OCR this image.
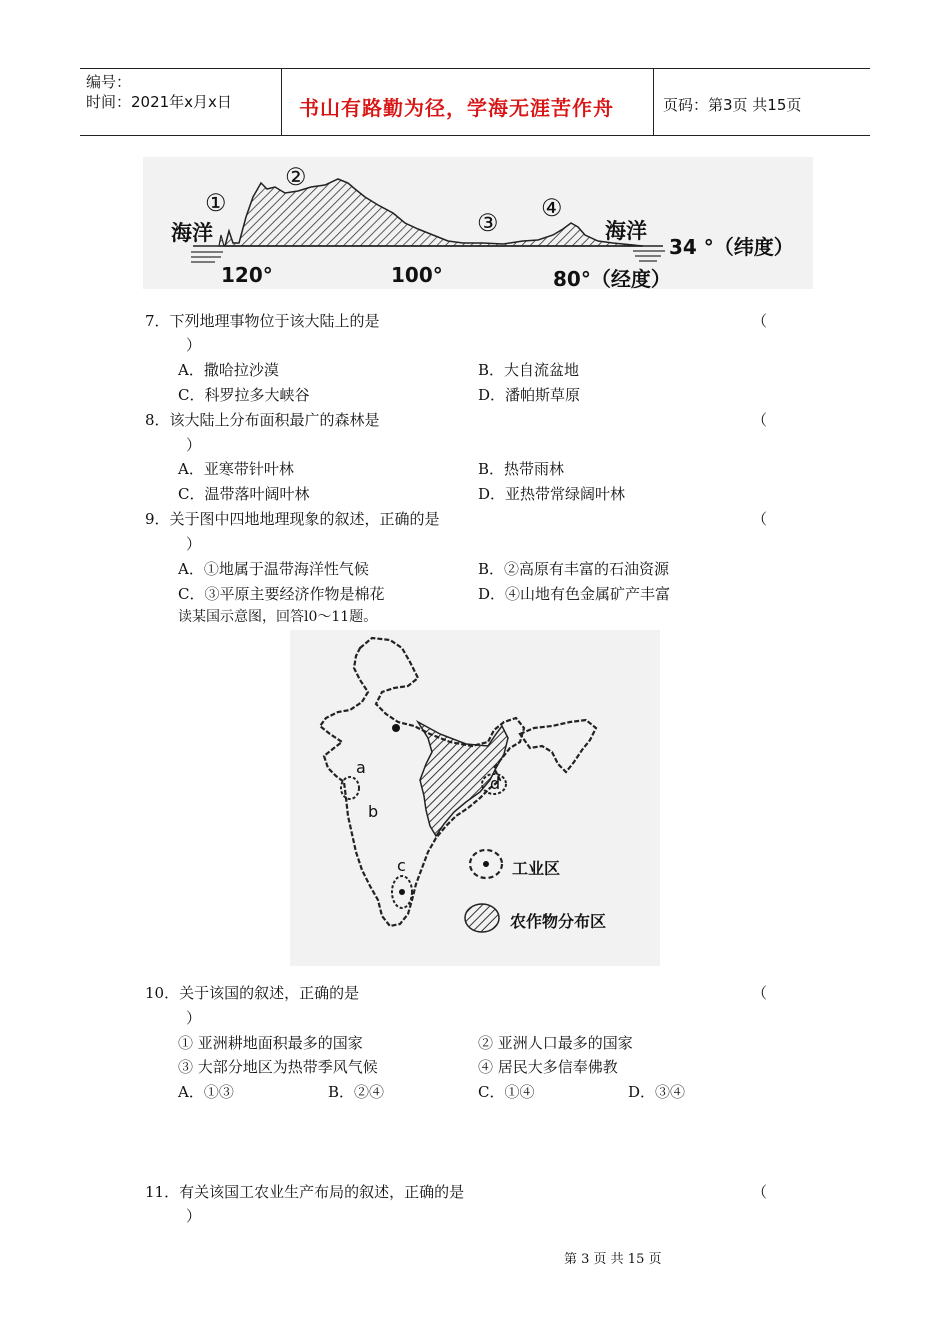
编号：
时间：2021年x月x日	书山有路勤为径，学海无涯苦作舟	页码：第3页 共15页
海洋	海洋
①
②
③
④
34 °（纬度）
120°	100°	80°（经度）
7．下列地理事物位于该大陆上的是	（
）
A．撒哈拉沙漠	B．大自流盆地
C．科罗拉多大峡谷	D．潘帕斯草原
8．该大陆上分布面积最广的森林是	（
）
A．亚寒带针叶林	B．热带雨林
C．温带落叶阔叶林	D．亚热带常绿阔叶林
9．关于图中四地地理现象的叙述，正确的是	（
）
A．①地属于温带海洋性气候	B．②高原有丰富的石油资源
C．③平原主要经济作物是棉花	D．④山地有色金属矿产丰富
读某国示意图，回答l0～11题。
a
b
c
d
工业区
农作物分布区
10．关于该国的叙述，正确的是	（
）
① 亚洲耕地面积最多的国家	② 亚洲人口最多的国家
③ 大部分地区为热带季风气候	④ 居民大多信奉佛教
A．①③	B．②④	C．①④	D．③④
11．有关该国工农业生产布局的叙述，正确的是	（
）
第 3 页 共 15 页
